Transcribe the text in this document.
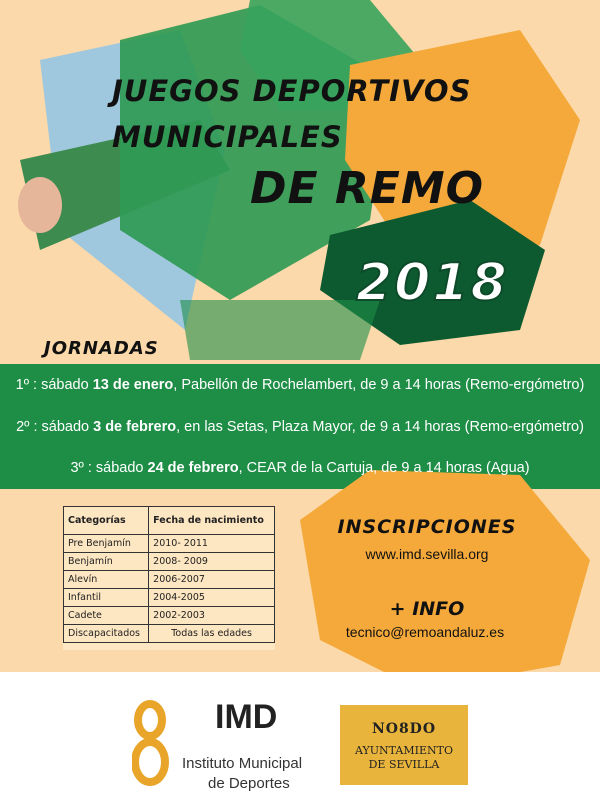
JUEGOS DEPORTIVOS
MUNICIPALES
DE REMO
2018
JORNADAS
1º : sábado 13 de enero, Pabellón de Rochelambert, de 9 a 14 horas (Remo-ergómetro)
2º : sábado 3 de febrero, en las Setas, Plaza Mayor, de 9 a 14 horas (Remo-ergómetro)
3º : sábado 24 de febrero, CEAR de la Cartuja, de 9 a 14 horas (Agua)
Categorías	Fecha de nacimiento
Pre Benjamín	2010- 2011
Benjamín	2008- 2009
Alevín	2006-2007
Infantil	2004-2005
Cadete	2002-2003
Discapacitados	Todas las edades
INSCRIPCIONES
www.imd.sevilla.org
+ INFO
tecnico@remoandaluz.es
IMD
Instituto Municipal
de Deportes
NO8DO
AYUNTAMIENTO
DE SEVILLA
